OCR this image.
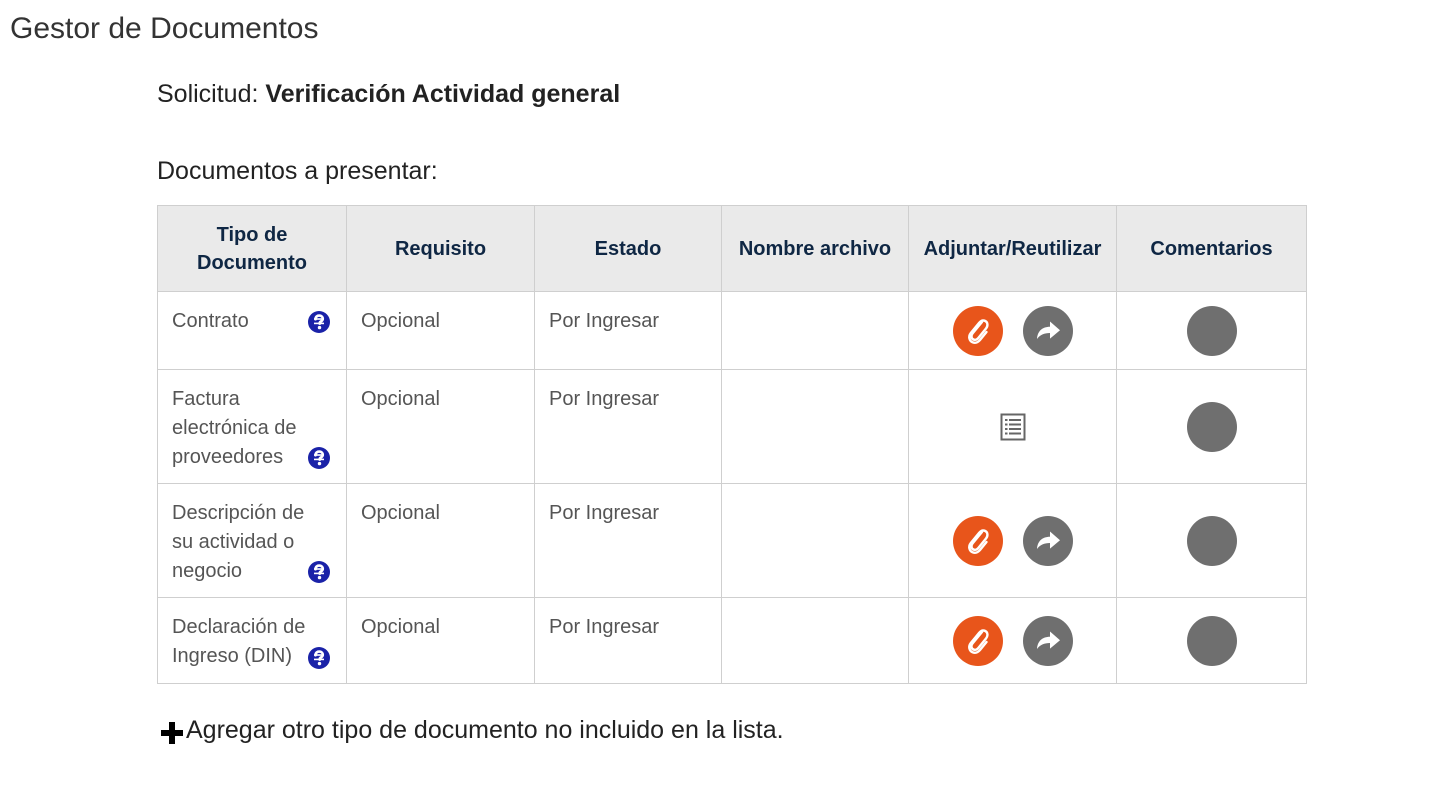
Gestor de Documentos
Solicitud: Verificación Actividad general
Documentos a presentar:
Tipo de
Documento	Requisito	Estado	Nombre archivo	Adjuntar/Reutilizar	Comentarios

Contrato	Opcional	Por Ingresar

Factura
electrónica de
proveedores	Opcional	Por Ingresar

Descripción de
su actividad o
negocio	Opcional	Por Ingresar

Declaración de
Ingreso (DIN)	Opcional	Por Ingresar

Agregar otro tipo de documento no incluido en la lista.
